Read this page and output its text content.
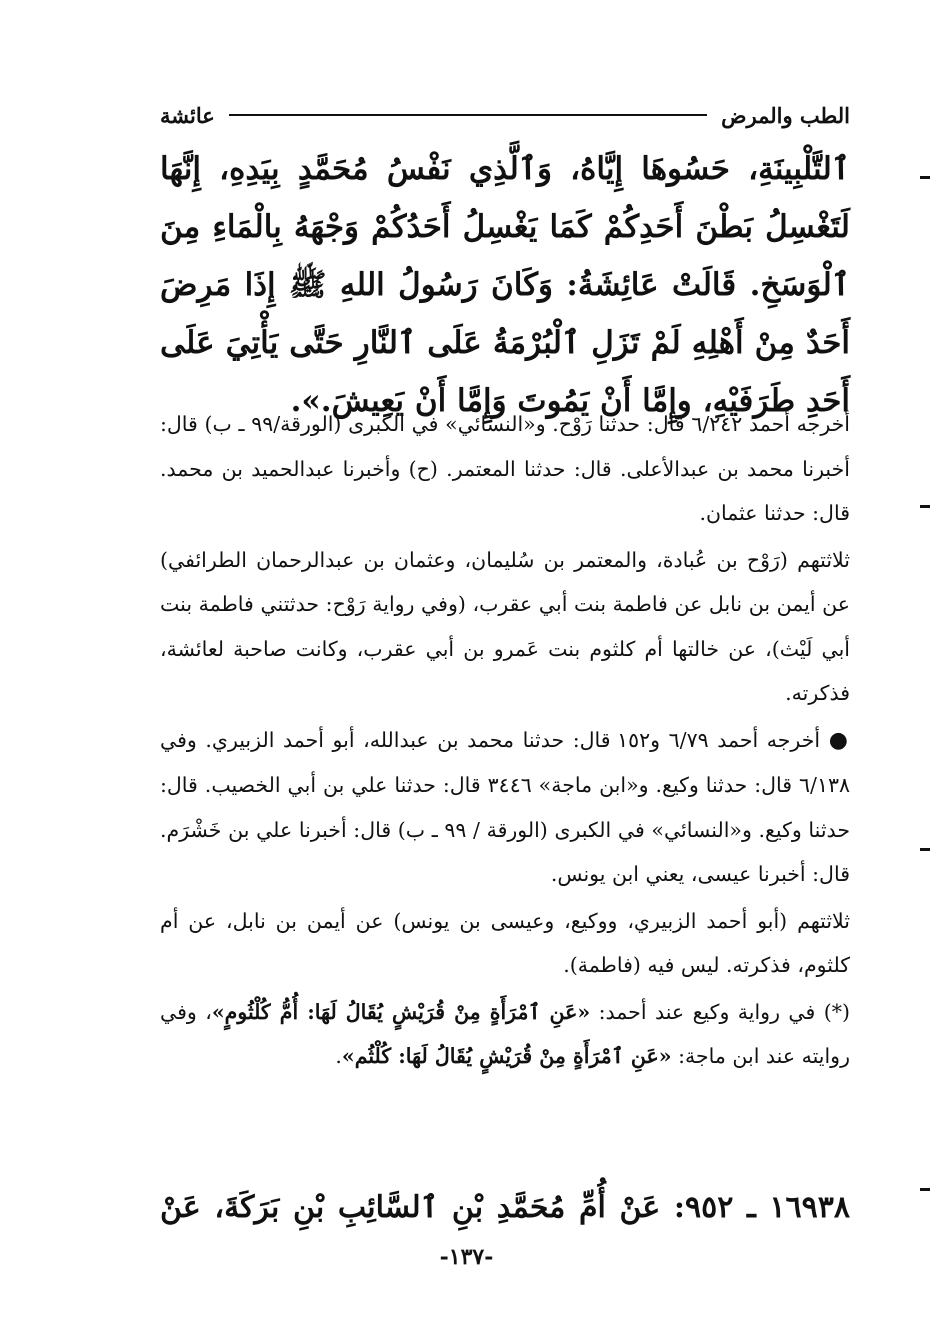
الطب والمرض
عائشة
ٱلتَّلْبِينَةِ، حَسُوهَا إِيَّاهُ، وَٱلَّذِي نَفْسُ مُحَمَّدٍ بِيَدِهِ، إِنَّهَا لَتَغْسِلُ بَطْنَ أَحَدِكُمْ كَمَا يَغْسِلُ أَحَدُكُمْ وَجْهَهُ بِالْمَاءِ مِنَ ٱلْوَسَخِ. قَالَتْ عَائِشَةُ: وَكَانَ رَسُولُ اللهِ ﷺ إِذَا مَرِضَ أَحَدٌ مِنْ أَهْلِهِ لَمْ تَزَلِ ٱلْبُرْمَةُ عَلَى ٱلنَّارِ حَتَّى يَأْتِيَ عَلَى أَحَدِ طَرَفَيْهِ، وإِمَّا أَنْ يَمُوتَ وَإِمَّا أَنْ يَعِيشَ.».

أخرجه أحمد ٦/٢٤٢ قال: حدثنا رَوْح. و«النسائي» في الكبرى (الورقة/٩٩ ـ ب) قال: أخبرنا محمد بن عبدالأعلى. قال: حدثنا المعتمر. (ح) وأخبرنا عبدالحميد بن محمد. قال: حدثنا عثمان.

ثلاثتهم (رَوْح بن عُبادة، والمعتمر بن سُليمان، وعثمان بن عبدالرحمان الطرائفي) عن أيمن بن نابل عن فاطمة بنت أبي عقرب، (وفي رواية رَوْح: حدثتني فاطمة بنت أبي لَيْث)، عن خالتها أم كلثوم بنت عَمرو بن أبي عقرب، وكانت صاحبة لعائشة، فذكرته.

● أخرجه أحمد ٦/٧٩ و١٥٢ قال: حدثنا محمد بن عبدالله، أبو أحمد الزبيري. وفي ٦/١٣٨ قال: حدثنا وكيع. و«ابن ماجة» ٣٤٤٦ قال: حدثنا علي بن أبي الخصيب. قال: حدثنا وكيع. و«النسائي» في الكبرى (الورقة / ٩٩ ـ ب) قال: أخبرنا علي بن خَشْرَم. قال: أخبرنا عيسى، يعني ابن يونس.

ثلاثتهم (أبو أحمد الزبيري، ووكيع، وعيسى بن يونس) عن أيمن بن نابل، عن أم كلثوم، فذكرته. ليس فيه (فاطمة).

(*) في رواية وكيع عند أحمد: «عَنِ ٱمْرَأَةٍ مِنْ قُرَيْشٍ يُقَالُ لَهَا: أُمُّ كُلْثُومٍ»، وفي روايته عند ابن ماجة: «عَنِ ٱمْرَأَةٍ مِنْ قُرَيْشٍ يُقَالُ لَهَا: كُلْثُم».

١٦٩٣٨ ـ ٩٥٢: عَنْ أُمِّ مُحَمَّدِ بْنِ ٱلسَّائِبِ بْنِ بَرَكَةَ، عَنْ
-١٣٧-
